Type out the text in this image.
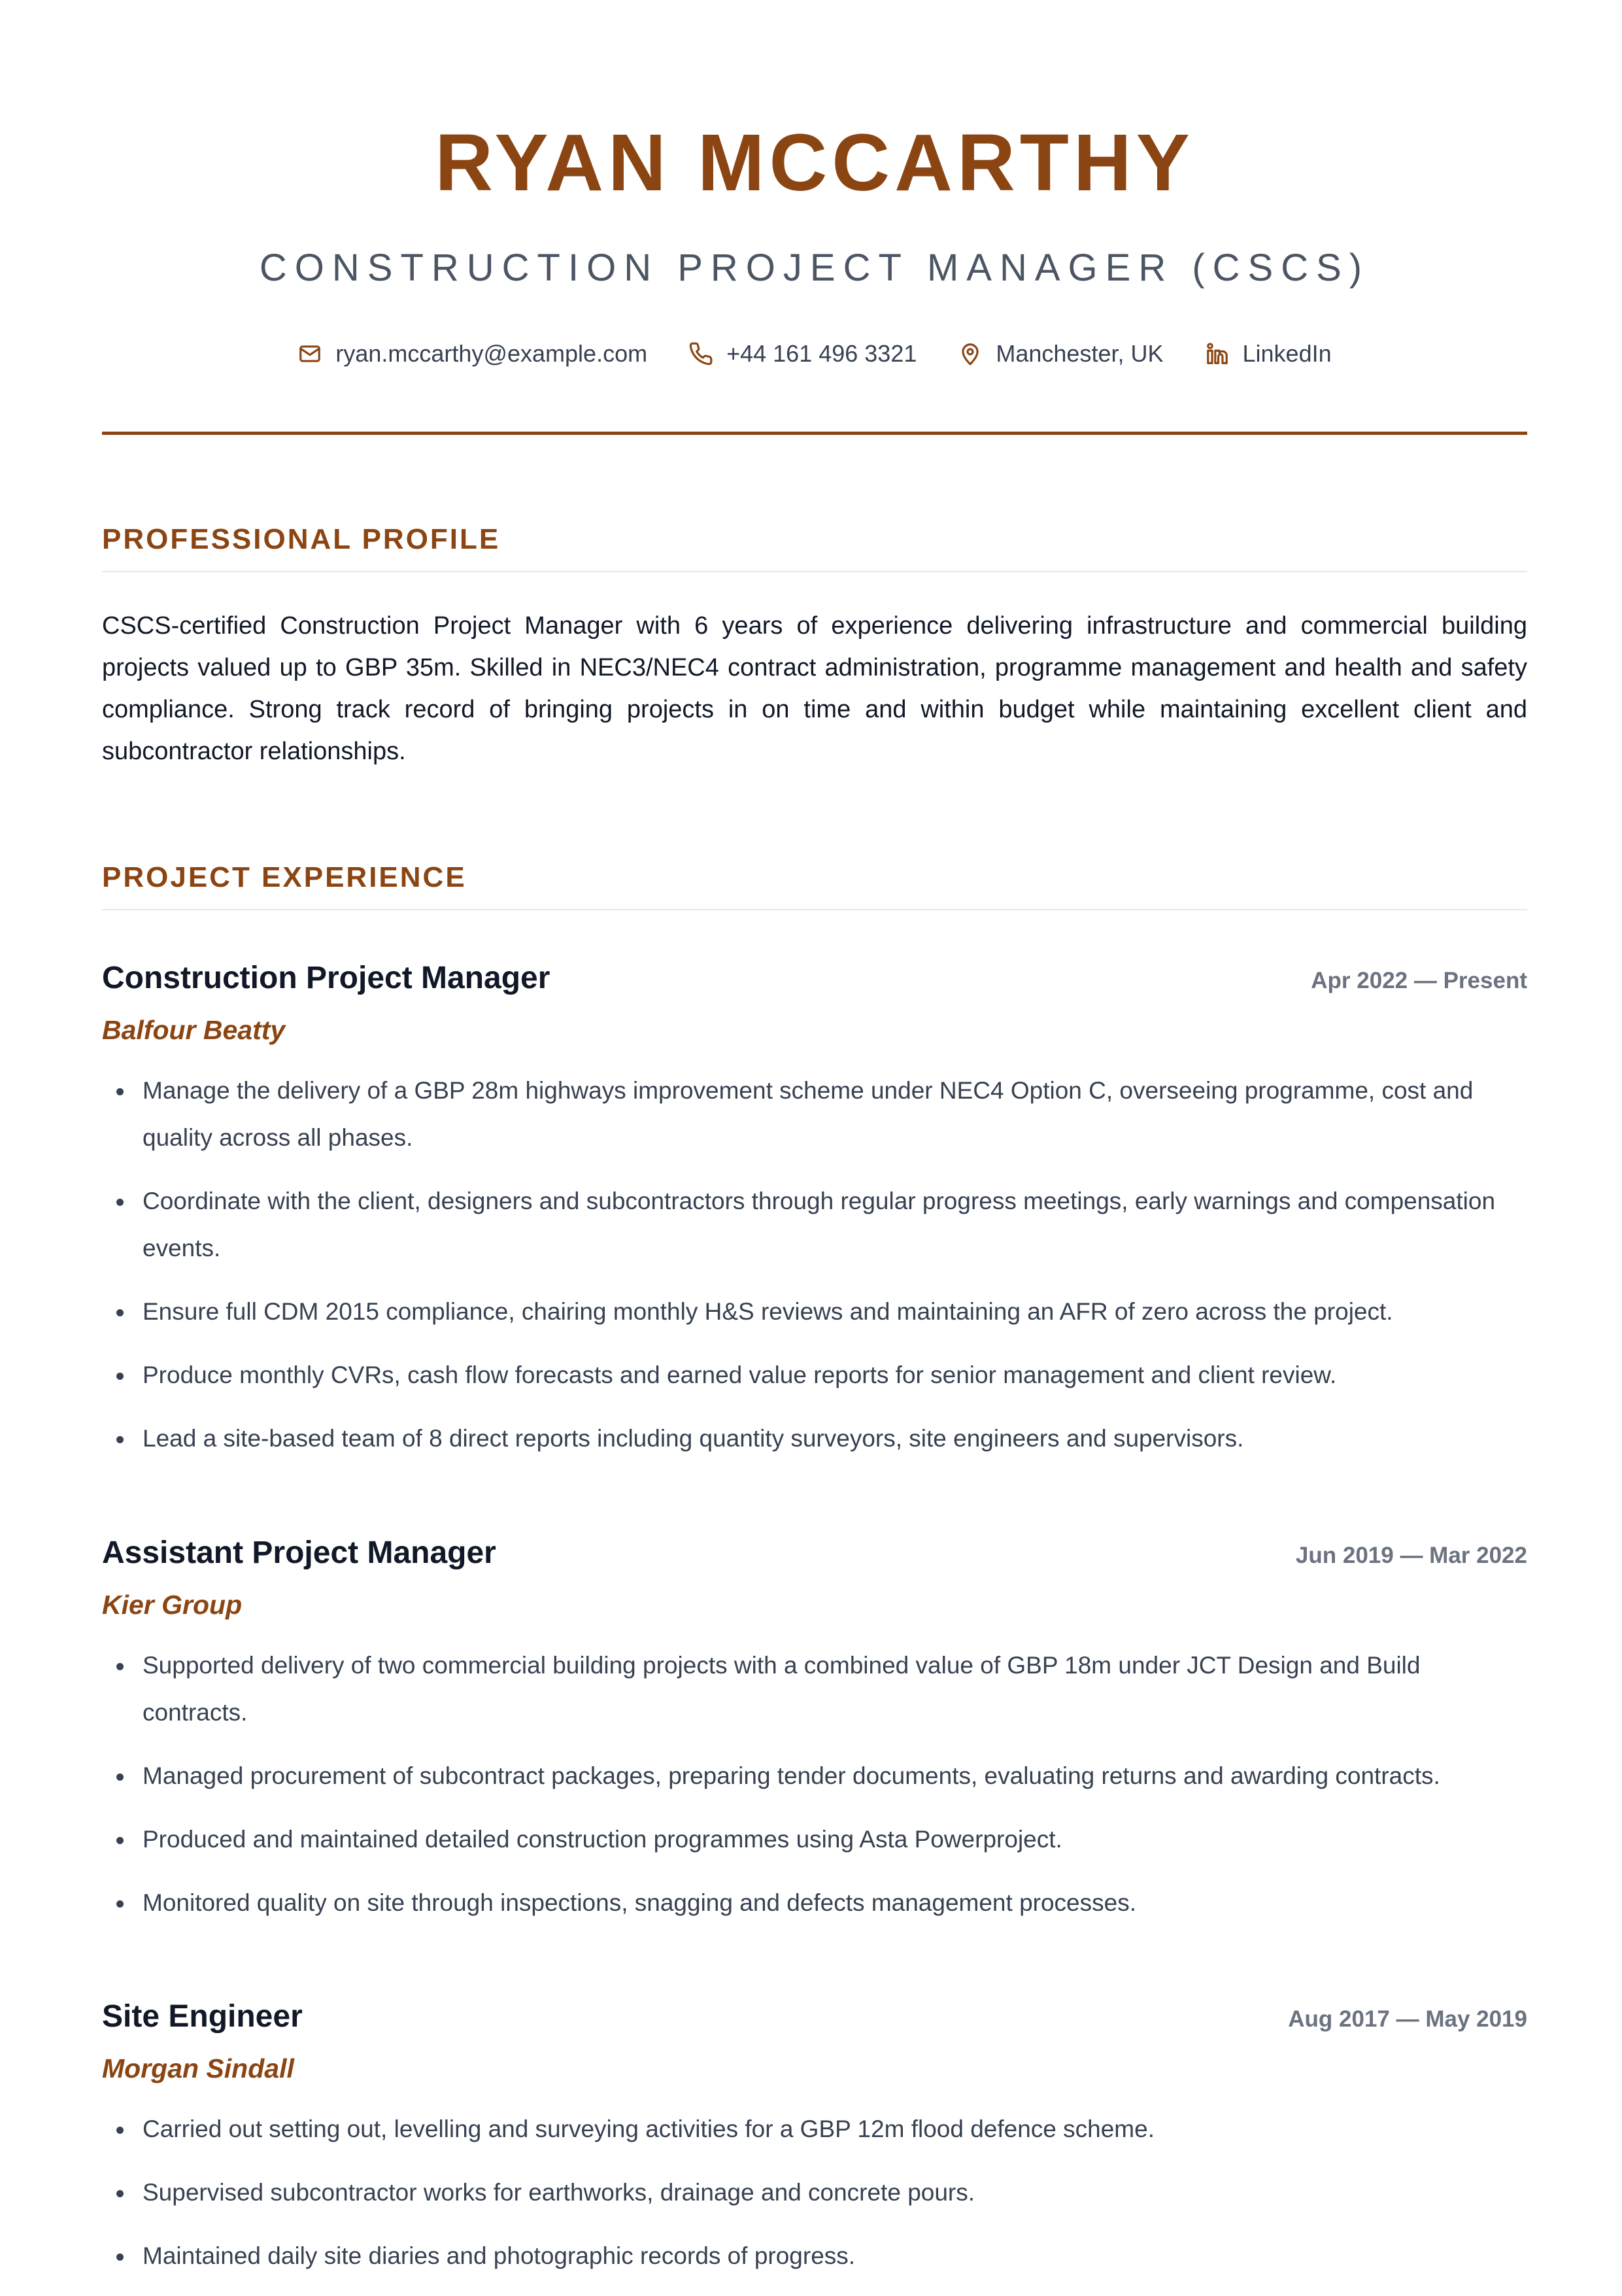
RYAN MCCARTHY
CONSTRUCTION PROJECT MANAGER (CSCS)
ryan.mccarthy@example.com	+44 161 496 3321	Manchester, UK	LinkedIn
PROFESSIONAL PROFILE
CSCS-certified Construction Project Manager with 6 years of experience delivering infrastructure and commercial building projects valued up to GBP 35m. Skilled in NEC3/NEC4 contract administration, programme management and health and safety compliance. Strong track record of bringing projects in on time and within budget while maintaining excellent client and subcontractor relationships.
PROJECT EXPERIENCE
Construction Project Manager	Apr 2022 — Present
Balfour Beatty
Manage the delivery of a GBP 28m highways improvement scheme under NEC4 Option C, overseeing programme, cost and quality across all phases.
Coordinate with the client, designers and subcontractors through regular progress meetings, early warnings and compensation events.
Ensure full CDM 2015 compliance, chairing monthly H&S reviews and maintaining an AFR of zero across the project.
Produce monthly CVRs, cash flow forecasts and earned value reports for senior management and client review.
Lead a site-based team of 8 direct reports including quantity surveyors, site engineers and supervisors.
Assistant Project Manager	Jun 2019 — Mar 2022
Kier Group
Supported delivery of two commercial building projects with a combined value of GBP 18m under JCT Design and Build contracts.
Managed procurement of subcontract packages, preparing tender documents, evaluating returns and awarding contracts.
Produced and maintained detailed construction programmes using Asta Powerproject.
Monitored quality on site through inspections, snagging and defects management processes.
Site Engineer	Aug 2017 — May 2019
Morgan Sindall
Carried out setting out, levelling and surveying activities for a GBP 12m flood defence scheme.
Supervised subcontractor works for earthworks, drainage and concrete pours.
Maintained daily site diaries and photographic records of progress.
